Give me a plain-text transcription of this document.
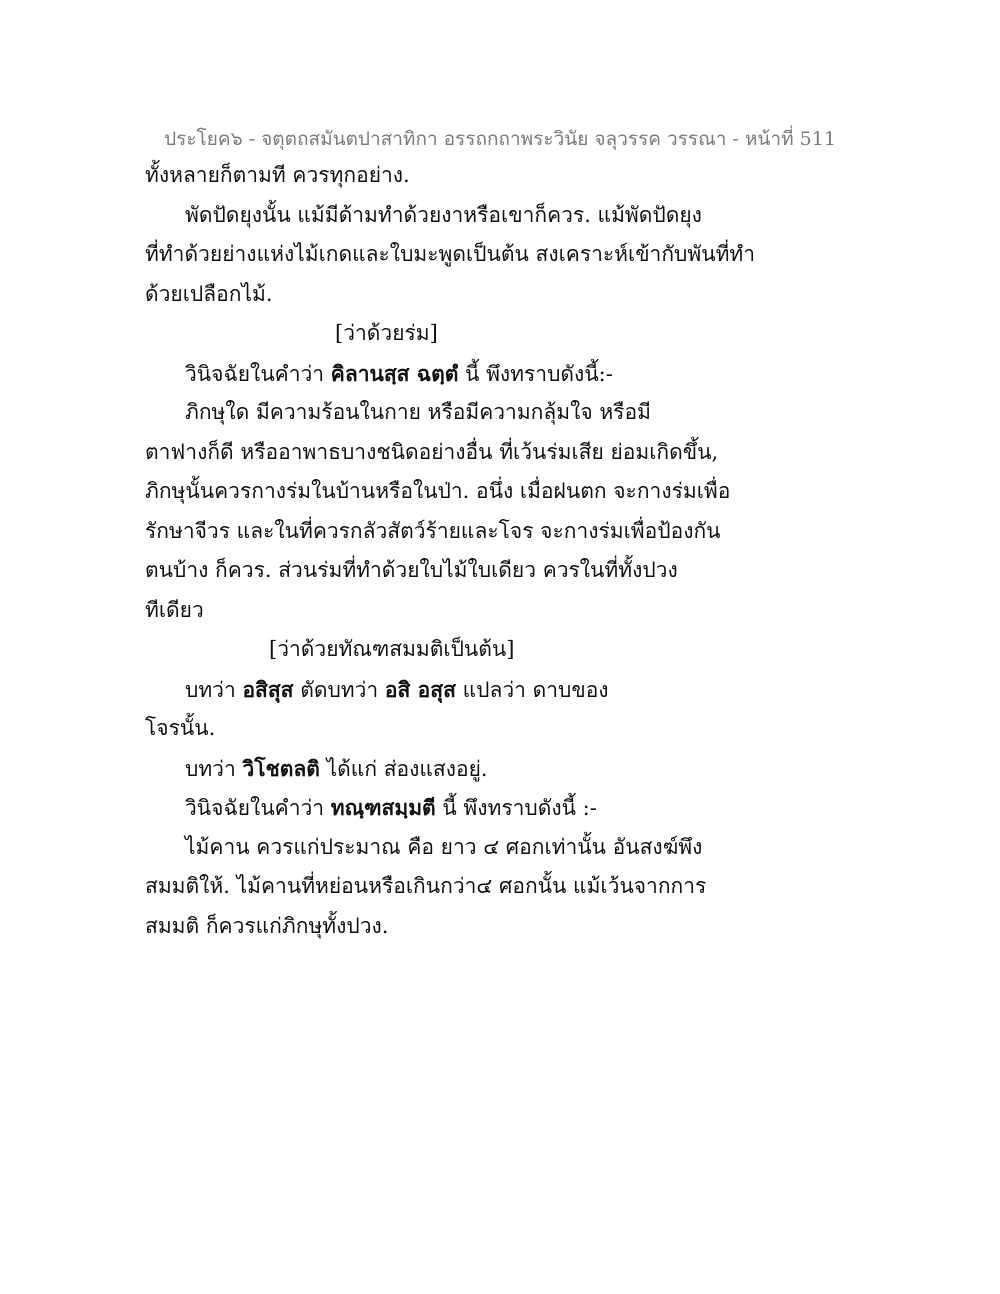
ประโยค๖ - จตุตถสมันตปาสาทิกา อรรถกถาพระวินัย จลุวรรค วรรณา - หน้าที่ 511
ทั้งหลายก็ตามที ควรทุกอย่าง.
พัดปัดยุงนั้น แม้มีด้ามทำด้วยงาหรือเขาก็ควร. แม้พัดปัดยุง
ที่ทำด้วยย่างแห่งไม้เกดและใบมะพูดเป็นต้น สงเคราะห์เข้ากับพันที่ทำ
ด้วยเปลือกไม้.
[ว่าด้วยร่ม]
วินิจฉัยในคำว่า คิลานสฺส ฉตฺตํ นี้ พึงทราบดังนี้:-
ภิกษุใด มีความร้อนในกาย หรือมีความกลุ้มใจ หรือมี
ตาฟางก็ดี หรืออาพาธบางชนิดอย่างอื่น ที่เว้นร่มเสีย ย่อมเกิดขึ้น,
ภิกษุนั้นควรกางร่มในบ้านหรือในป่า. อนึ่ง เมื่อฝนตก จะกางร่มเพื่อ
รักษาจีวร และในที่ควรกลัวสัตว์ร้ายและโจร จะกางร่มเพื่อป้องกัน
ตนบ้าง ก็ควร. ส่วนร่มที่ทำด้วยใบไม้ใบเดียว ควรในที่ทั้งปวง
ทีเดียว
[ว่าด้วยทัณฑสมมติเป็นต้น]
บทว่า อสิสุส ตัดบทว่า อสิ อสุส แปลว่า ดาบของ
โจรนั้น.
บทว่า วิโชตลติ ได้แก่ ส่องแสงอยู่.
วินิจฉัยในคำว่า ทณฺฑสมฺมตี นี้ พึงทราบดังนี้ :-
ไม้คาน ควรแก่ประมาณ คือ ยาว ๔ ศอกเท่านั้น อันสงฆ์พึง
สมมติให้. ไม้คานที่หย่อนหรือเกินกว่า๔ ศอกนั้น แม้เว้นจากการ
สมมติ ก็ควรแก่ภิกษุทั้งปวง.
